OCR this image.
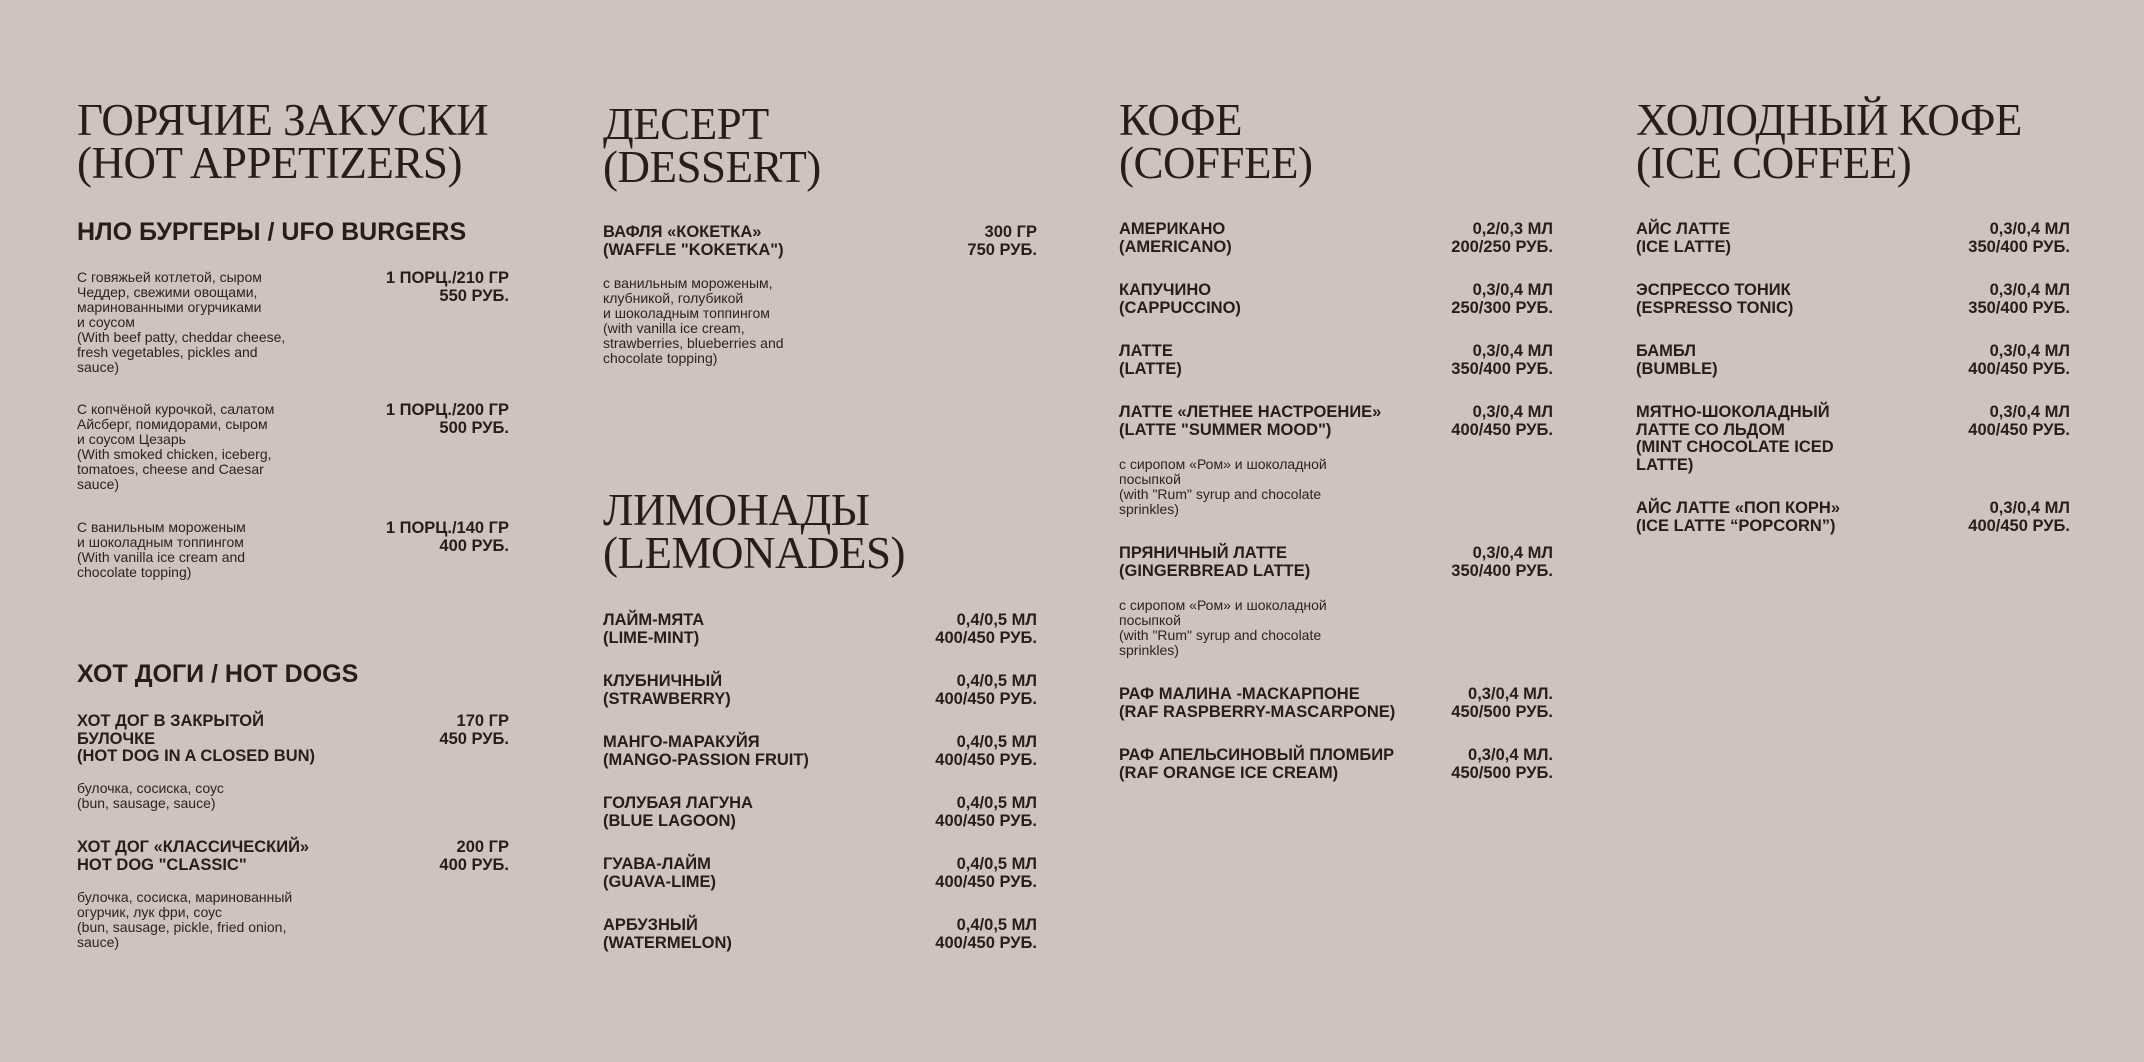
ГОРЯЧИЕ ЗАКУСКИ
(HOT APPETIZERS)
НЛО БУРГЕРЫ / UFO BURGERS
С говяжьей котлетой, сыром
Чеддер, свежими овощами,
маринованными огурчиками
и соусом
(With beef patty, cheddar cheese,
fresh vegetables, pickles and
sauce)
1 ПОРЦ./210 ГР
550 РУБ.
С копчёной курочкой, салатом
Айсберг, помидорами, сыром
и соусом Цезарь
(With smoked chicken, iceberg,
tomatoes, cheese and Caesar
sauce)
1 ПОРЦ./200 ГР
500 РУБ.
С ванильным мороженым
и шоколадным топпингом
(With vanilla ice cream and
chocolate topping)
1 ПОРЦ./140 ГР
400 РУБ.
ХОТ ДОГИ / HOT DOGS
ХОТ ДОГ В ЗАКРЫТОЙ
БУЛОЧКЕ
(HOT DOG IN A CLOSED BUN)
170 ГР
450 РУБ.
булочка, сосиска, соус
(bun, sausage, sauce)
ХОТ ДОГ «КЛАССИЧЕСКИЙ»
HOT DOG "CLASSIC"
200 ГР
400 РУБ.
булочка, сосиска, маринованный
огурчик, лук фри, соус
(bun, sausage, pickle, fried onion,
sauce)
ДЕСЕРТ
(DESSERT)
ВАФЛЯ «КОКЕТКА»
(WAFFLE "KOKETKA")
300 ГР
750 РУБ.
с ванильным мороженым,
клубникой, голубикой
и шоколадным топпингом
(with vanilla ice cream,
strawberries, blueberries and
chocolate topping)
ЛИМОНАДЫ
(LEMONADES)
ЛАЙМ-МЯТА
(LIME-MINT)
0,4/0,5 МЛ
400/450 РУБ.
КЛУБНИЧНЫЙ
(STRAWBERRY)
0,4/0,5 МЛ
400/450 РУБ.
МАНГО-МАРАКУЙЯ
(MANGO-PASSION FRUIT)
0,4/0,5 МЛ
400/450 РУБ.
ГОЛУБАЯ ЛАГУНА
(BLUE LAGOON)
0,4/0,5 МЛ
400/450 РУБ.
ГУАВА-ЛАЙМ
(GUAVA-LIME)
0,4/0,5 МЛ
400/450 РУБ.
АРБУЗНЫЙ
(WATERMELON)
0,4/0,5 МЛ
400/450 РУБ.
КОФЕ
(COFFEE)
АМЕРИКАНО
(AMERICANO)
0,2/0,3 МЛ
200/250 РУБ.
КАПУЧИНО
(CAPPUCCINO)
0,3/0,4 МЛ
250/300 РУБ.
ЛАТТЕ
(LATTE)
0,3/0,4 МЛ
350/400 РУБ.
ЛАТТЕ «ЛЕТНЕЕ НАСТРОЕНИЕ»
(LATTE "SUMMER MOOD")
0,3/0,4 МЛ
400/450 РУБ.
с сиропом «Ром» и шоколадной
посыпкой
(with "Rum" syrup and chocolate
sprinkles)
ПРЯНИЧНЫЙ ЛАТТЕ
(GINGERBREAD LATTE)
0,3/0,4 МЛ
350/400 РУБ.
с сиропом «Ром» и шоколадной
посыпкой
(with "Rum" syrup and chocolate
sprinkles)
РАФ МАЛИНА -МАСКАРПОНЕ
(RAF RASPBERRY-MASCARPONE)
0,3/0,4 МЛ.
450/500 РУБ.
РАФ АПЕЛЬСИНОВЫЙ ПЛОМБИР
(RAF ORANGE ICE CREAM)
0,3/0,4 МЛ.
450/500 РУБ.
ХОЛОДНЫЙ КОФЕ
(ICE COFFEE)
АЙС ЛАТТЕ
(ICE LATTE)
0,3/0,4 МЛ
350/400 РУБ.
ЭСПРЕССО ТОНИК
(ESPRESSO TONIC)
0,3/0,4 МЛ
350/400 РУБ.
БАМБЛ
(BUMBLE)
0,3/0,4 МЛ
400/450 РУБ.
МЯТНО-ШОКОЛАДНЫЙ
ЛАТТЕ СО ЛЬДОМ
(MINT CHOCOLATE ICED
LATTE)
0,3/0,4 МЛ
400/450 РУБ.
АЙС ЛАТТЕ «ПОП КОРН»
(ICE LATTE “POPCORN”)
0,3/0,4 МЛ
400/450 РУБ.
